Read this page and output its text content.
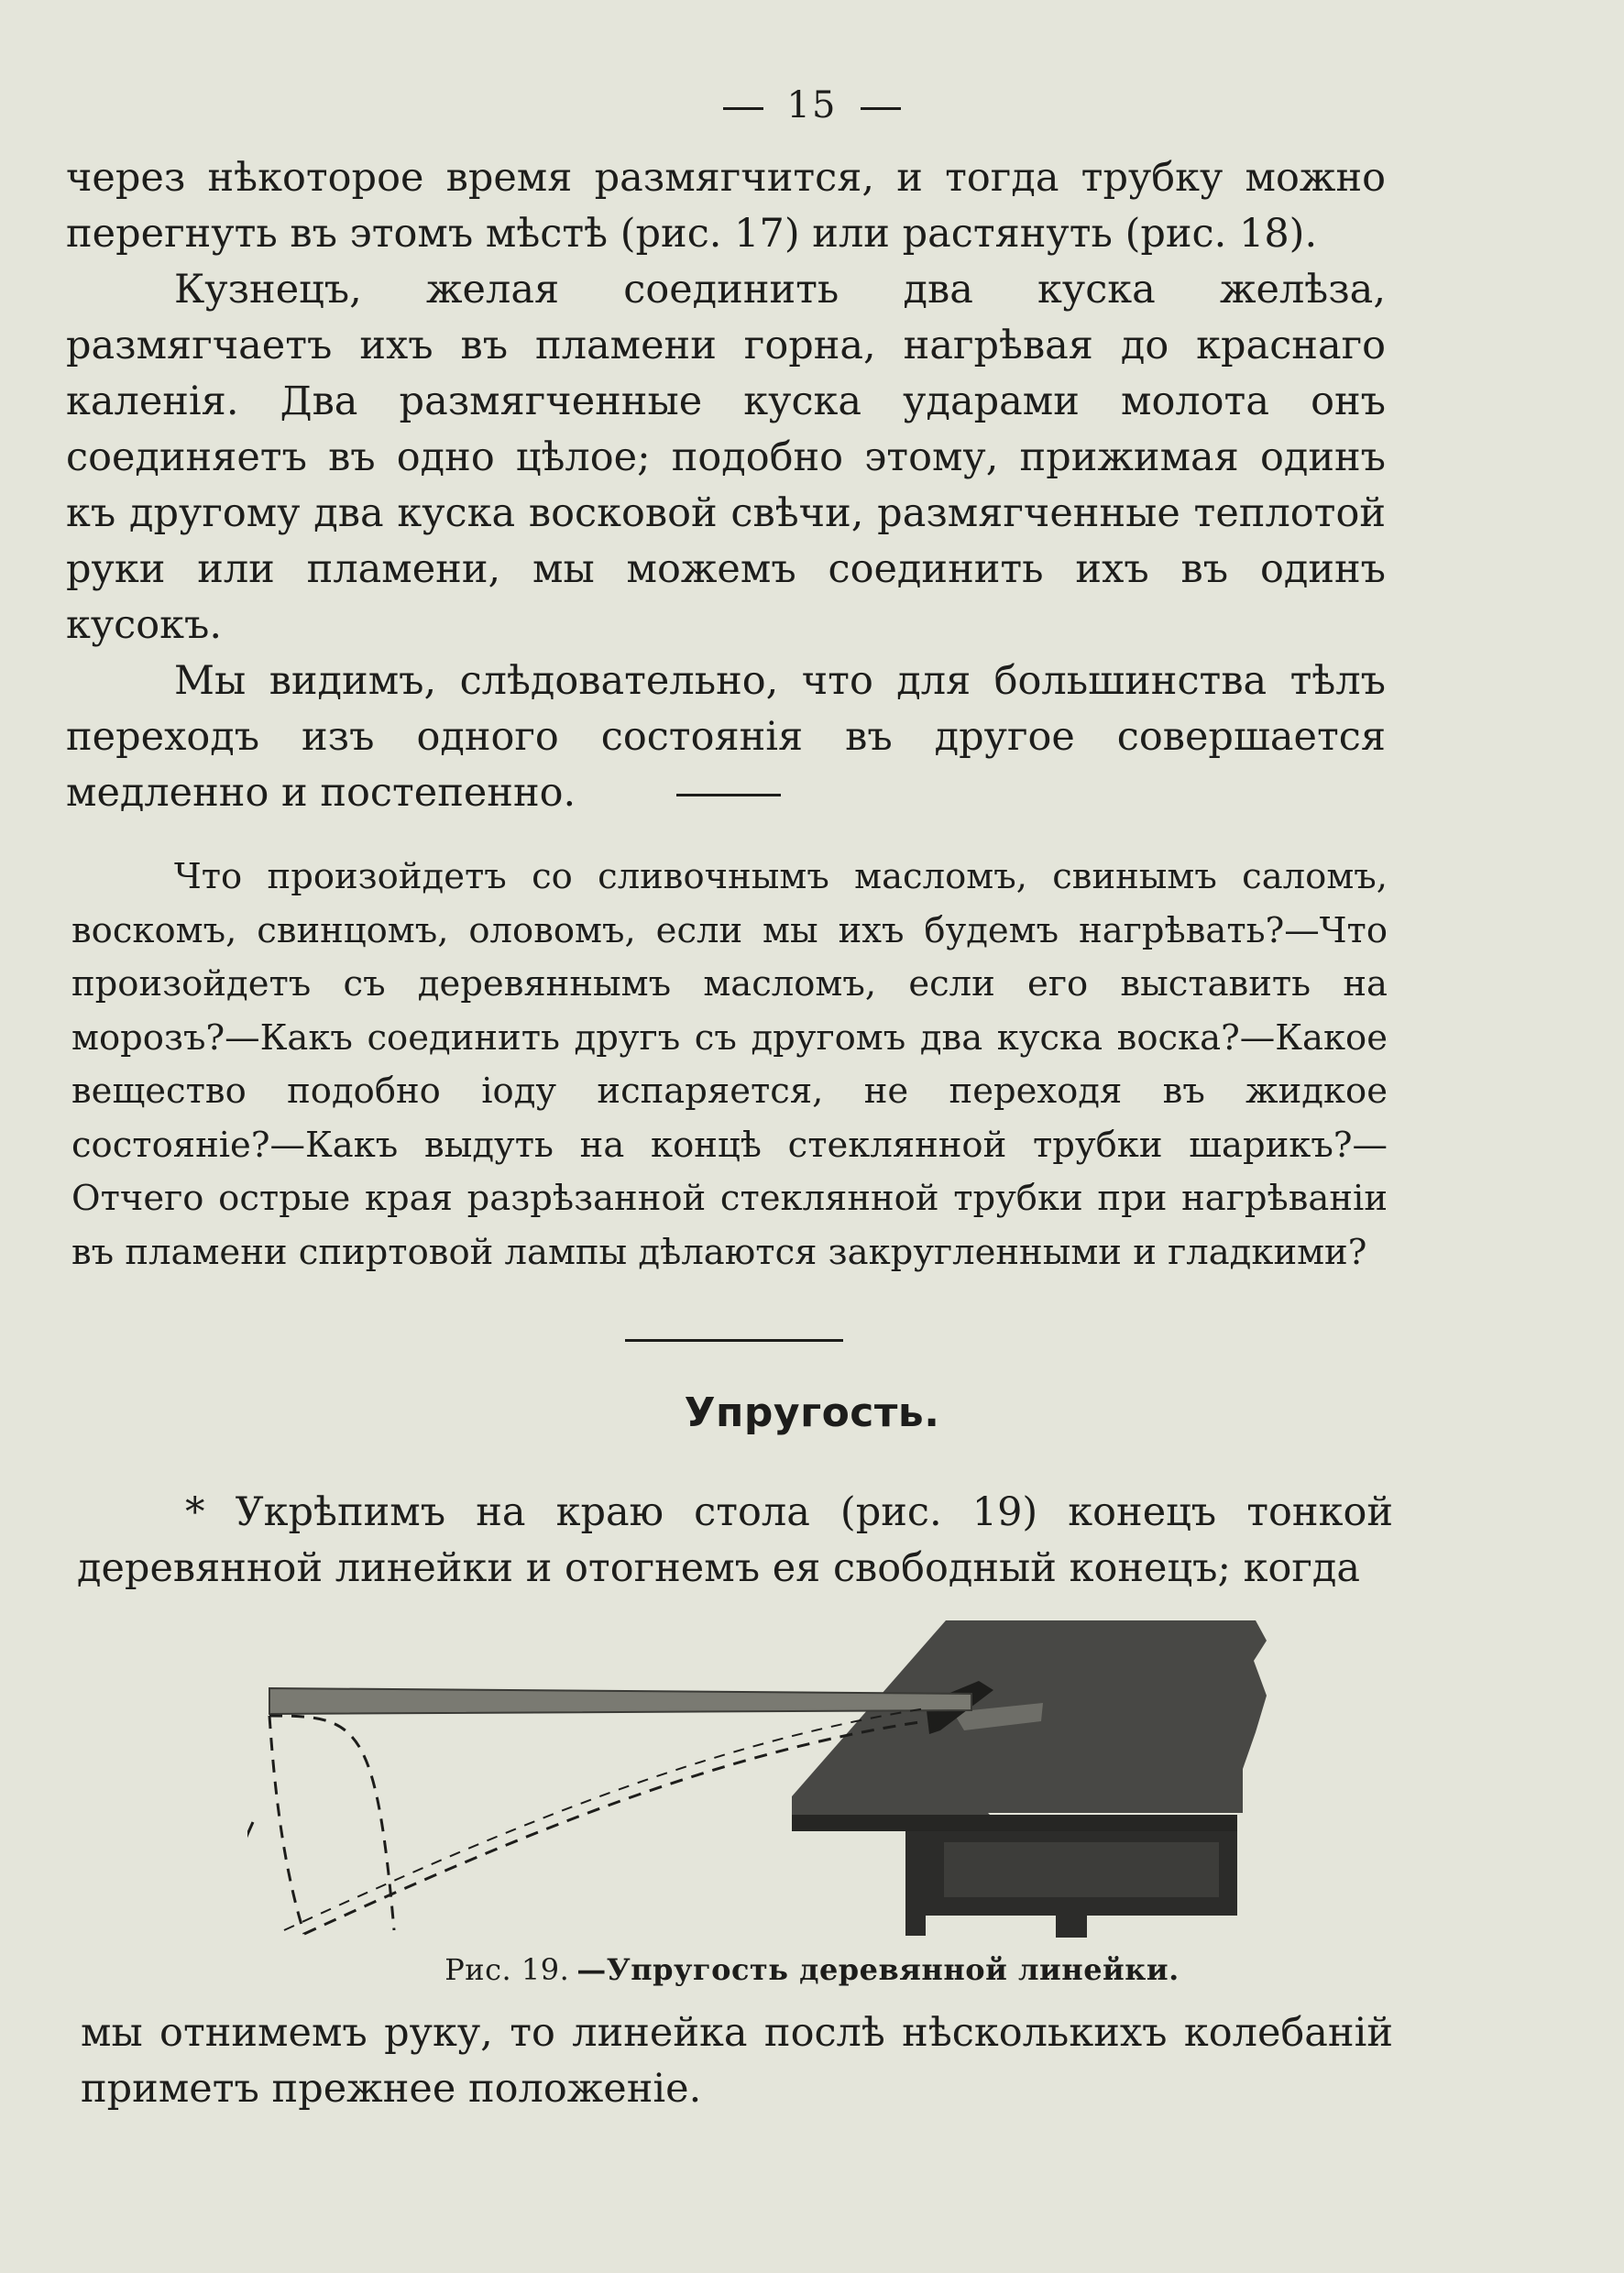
15

через нѣкоторое время размягчится, и тогда трубку можно перегнуть въ этомъ мѣстѣ (рис. 17) или растянуть (рис. 18).

Кузнецъ, желая соединить два куска желѣза, размягчаетъ ихъ въ пламени горна, нагрѣвая до краснаго каленія. Два размягченные куска ударами молота онъ соединяетъ въ одно цѣлое; подобно этому, прижимая одинъ къ другому два куска восковой свѣчи, размягченные теплотой руки или пламени, мы можемъ соединить ихъ въ одинъ кусокъ.

Мы видимъ, слѣдовательно, что для большинства тѣлъ переходъ изъ одного состоянія въ другое совершается медленно и постепенно.

Что произойдетъ со сливочнымъ масломъ, свинымъ саломъ, воскомъ, свинцомъ, оловомъ, если мы ихъ будемъ нагрѣвать?—Что произойдетъ съ деревяннымъ масломъ, если его выставить на морозъ?—Какъ соединить другъ съ другомъ два куска воска?—Какое вещество подобно іоду испаряется, не переходя въ жидкое состояніе?—Какъ выдуть на концѣ стеклянной трубки шарикъ?—Отчего острые края разрѣзанной стеклянной трубки при нагрѣваніи въ пламени спиртовой лампы дѣлаются закругленными и гладкими?

Упругость.

* Укрѣпимъ на краю стола (рис. 19) конецъ тонкой деревянной линейки и отогнемъ ея свободный конецъ; когда

Рис. 19. —Упругость деревянной линейки.

мы отнимемъ руку, то линейка послѣ нѣсколькихъ колебаній приметъ прежнее положеніе.
